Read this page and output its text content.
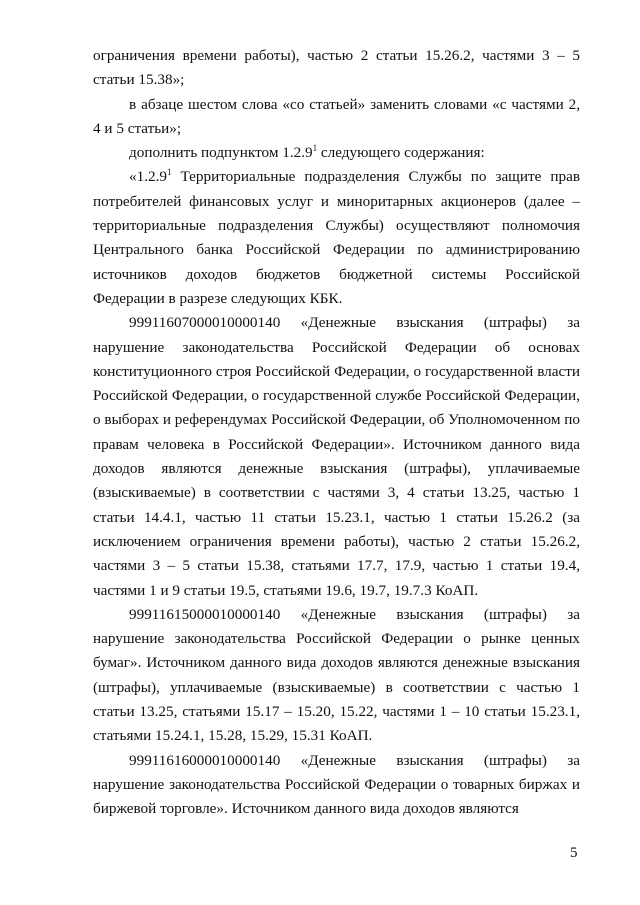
ограничения времени работы), частью 2 статьи 15.26.2, частями 3 – 5 статьи 15.38»;

в абзаце шестом слова «со статьей» заменить словами «с частями 2, 4 и 5 статьи»;

дополнить подпунктом 1.2.9$^1$ следующего содержания:

«1.2.9$^1$ Территориальные подразделения Службы по защите прав потребителей финансовых услуг и миноритарных акционеров (далее – территориальные подразделения Службы) осуществляют полномочия Центрального банка Российской Федерации по администрированию источников доходов бюджетов бюджетной системы Российской Федерации в разрезе следующих КБК.

99911607000010000140 «Денежные взыскания (штрафы) за нарушение законодательства Российской Федерации об основах конституционного строя Российской Федерации, о государственной власти Российской Федерации, о государственной службе Российской Федерации, о выборах и референдумах Российской Федерации, об Уполномоченном по правам человека в Российской Федерации». Источником данного вида доходов являются денежные взыскания (штрафы), уплачиваемые (взыскиваемые) в соответствии с частями 3, 4 статьи 13.25, частью 1 статьи 14.4.1, частью 11 статьи 15.23.1, частью 1 статьи 15.26.2 (за исключением ограничения времени работы), частью 2 статьи 15.26.2, частями 3 – 5 статьи 15.38, статьями 17.7, 17.9, частью 1 статьи 19.4, частями 1 и 9 статьи 19.5, статьями 19.6, 19.7, 19.7.3 КоАП.

99911615000010000140 «Денежные взыскания (штрафы) за нарушение законодательства Российской Федерации о рынке ценных бумаг». Источником данного вида доходов являются денежные взыскания (штрафы), уплачиваемые (взыскиваемые) в соответствии с частью 1 статьи 13.25, статьями 15.17 – 15.20, 15.22, частями 1 – 10 статьи 15.23.1, статьями 15.24.1, 15.28, 15.29, 15.31 КоАП.

99911616000010000140 «Денежные взыскания (штрафы) за нарушение законодательства Российской Федерации о товарных биржах и биржевой торговле». Источником данного вида доходов являются

5
